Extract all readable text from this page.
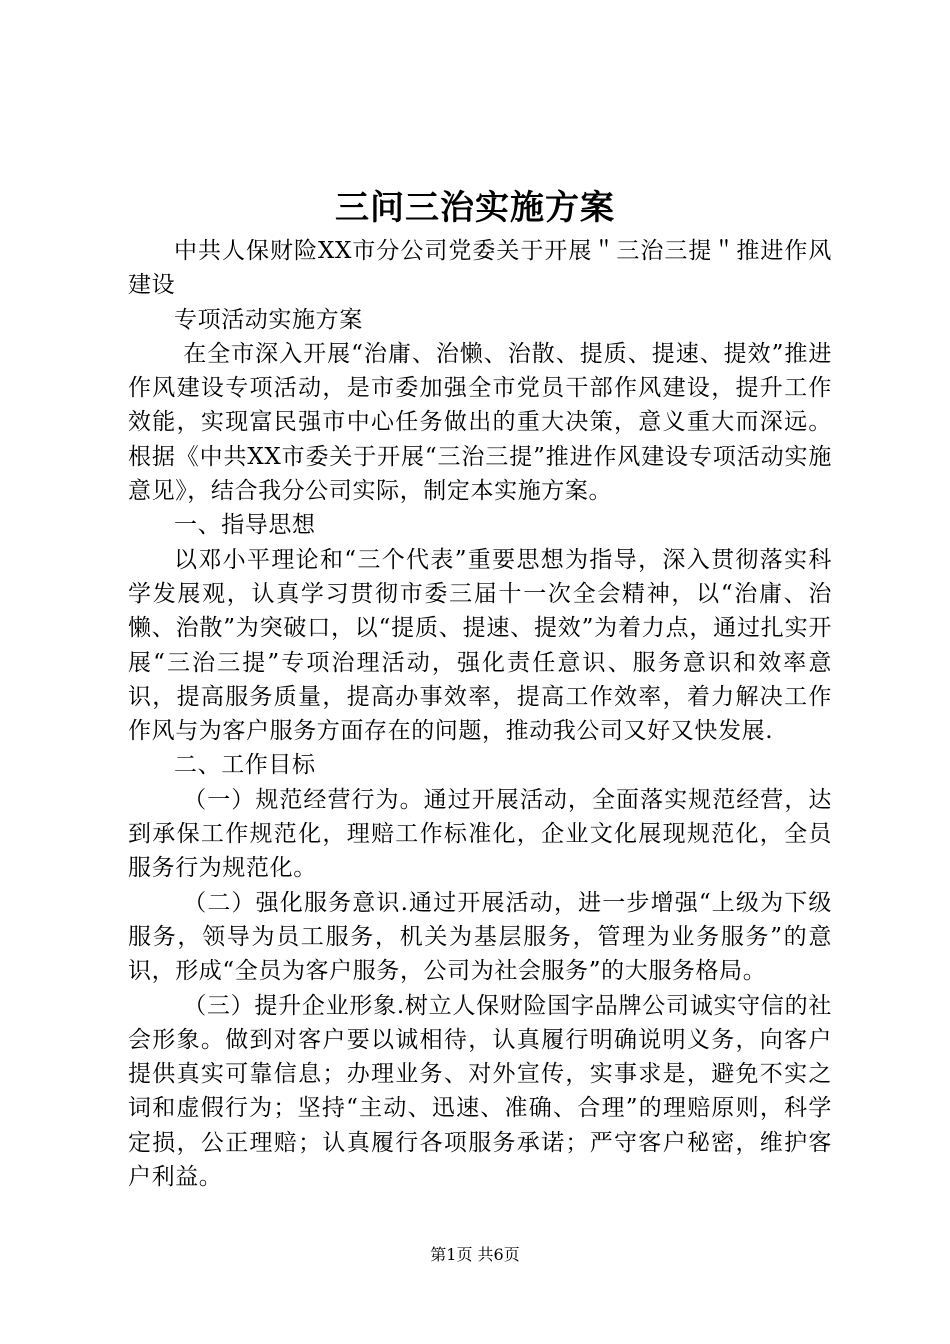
三问三治实施方案

中共人保财险XX市分公司党委关于开展＂三治三提＂推进作风建设

专项活动实施方案

在全市深入开展“治庸、治懒、治散、提质、提速、提效”推进作风建设专项活动，是市委加强全市党员干部作风建设，提升工作效能，实现富民强市中心任务做出的重大决策，意义重大而深远。根据《中共XX市委关于开展“三治三提”推进作风建设专项活动实施意见》，结合我分公司实际，制定本实施方案。

一、指导思想

以邓小平理论和“三个代表”重要思想为指导，深入贯彻落实科学发展观，认真学习贯彻市委三届十一次全会精神，以“治庸、治懒、治散”为突破口，以“提质、提速、提效”为着力点，通过扎实开展“三治三提”专项治理活动，强化责任意识、服务意识和效率意识，提高服务质量，提高办事效率，提高工作效率，着力解决工作作风与为客户服务方面存在的问题，推动我公司又好又快发展.

二、工作目标

（一）规范经营行为。通过开展活动，全面落实规范经营，达到承保工作规范化，理赔工作标准化，企业文化展现规范化，全员服务行为规范化。

（二）强化服务意识.通过开展活动，进一步增强“上级为下级服务，领导为员工服务，机关为基层服务，管理为业务服务”的意识，形成“全员为客户服务，公司为社会服务”的大服务格局。

（三）提升企业形象.树立人保财险国字品牌公司诚实守信的社会形象。做到对客户要以诚相待，认真履行明确说明义务，向客户提供真实可靠信息；办理业务、对外宣传，实事求是，避免不实之词和虚假行为；坚持“主动、迅速、准确、合理”的理赔原则，科学定损，公正理赔；认真履行各项服务承诺；严守客户秘密，维护客户利益。

第1页 共6页
